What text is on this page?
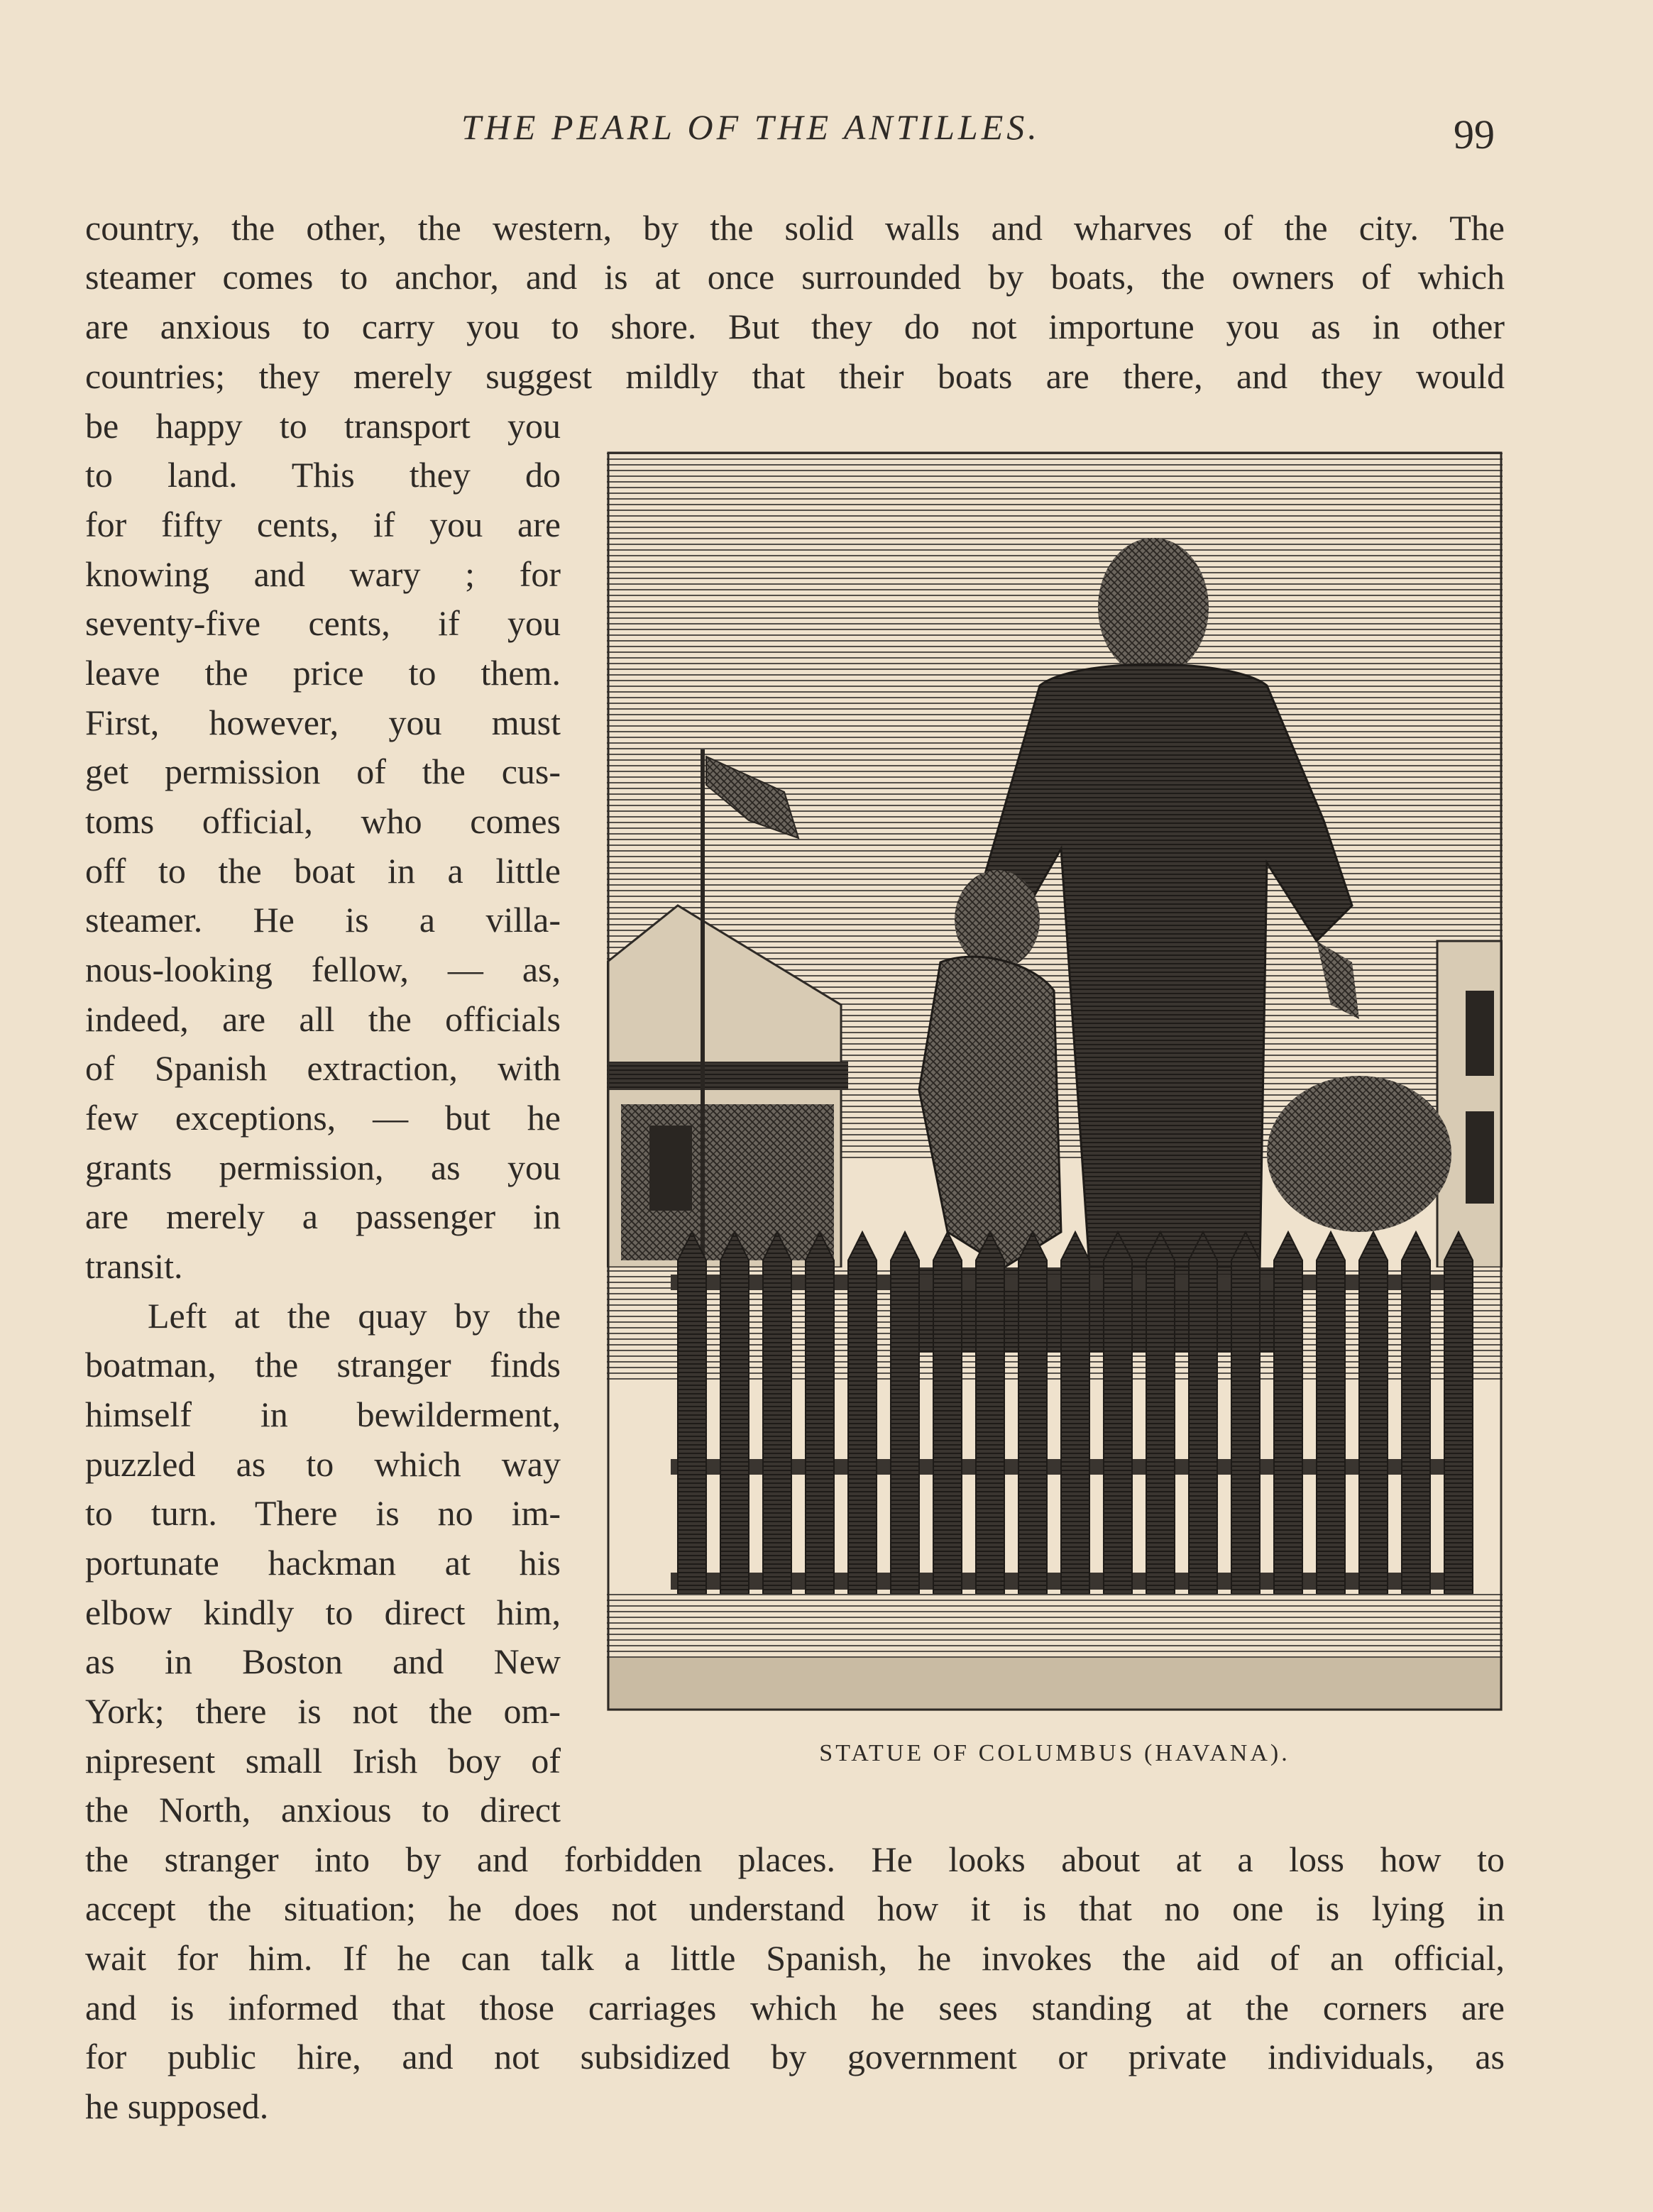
THE PEARL OF THE ANTILLES.	99
country, the other, the western, by the solid walls and wharves of the city. The
steamer comes to anchor, and is at once surrounded by boats, the owners of which
are anxious to carry you to shore. But they do not importune you as in other
countries; they merely suggest mildly that their boats are there, and they would
be happy to transport you
to land. This they do
for fifty cents, if you are
knowing and wary ; for
seventy-five cents, if you
leave the price to them.
First, however, you must
get permission of the cus-
toms official, who comes
off to the boat in a little
steamer. He is a villa-
nous-looking fellow, — as,
indeed, are all the officials
of Spanish extraction, with
few exceptions, — but he
grants permission, as you
are merely a passenger in
transit.
Left at the quay by the
boatman, the stranger finds
himself in bewilderment,
puzzled as to which way
to turn. There is no im-
portunate hackman at his
elbow kindly to direct him,
as in Boston and New
York; there is not the om-
nipresent small Irish boy of
the North, anxious to direct
the stranger into by and forbidden places. He looks about at a loss how to
accept the situation; he does not understand how it is that no one is lying in
wait for him. If he can talk a little Spanish, he invokes the aid of an official,
and is informed that those carriages which he sees standing at the corners are
for public hire, and not subsidized by government or private individuals, as
he supposed.
STATUE OF COLUMBUS (HAVANA).
